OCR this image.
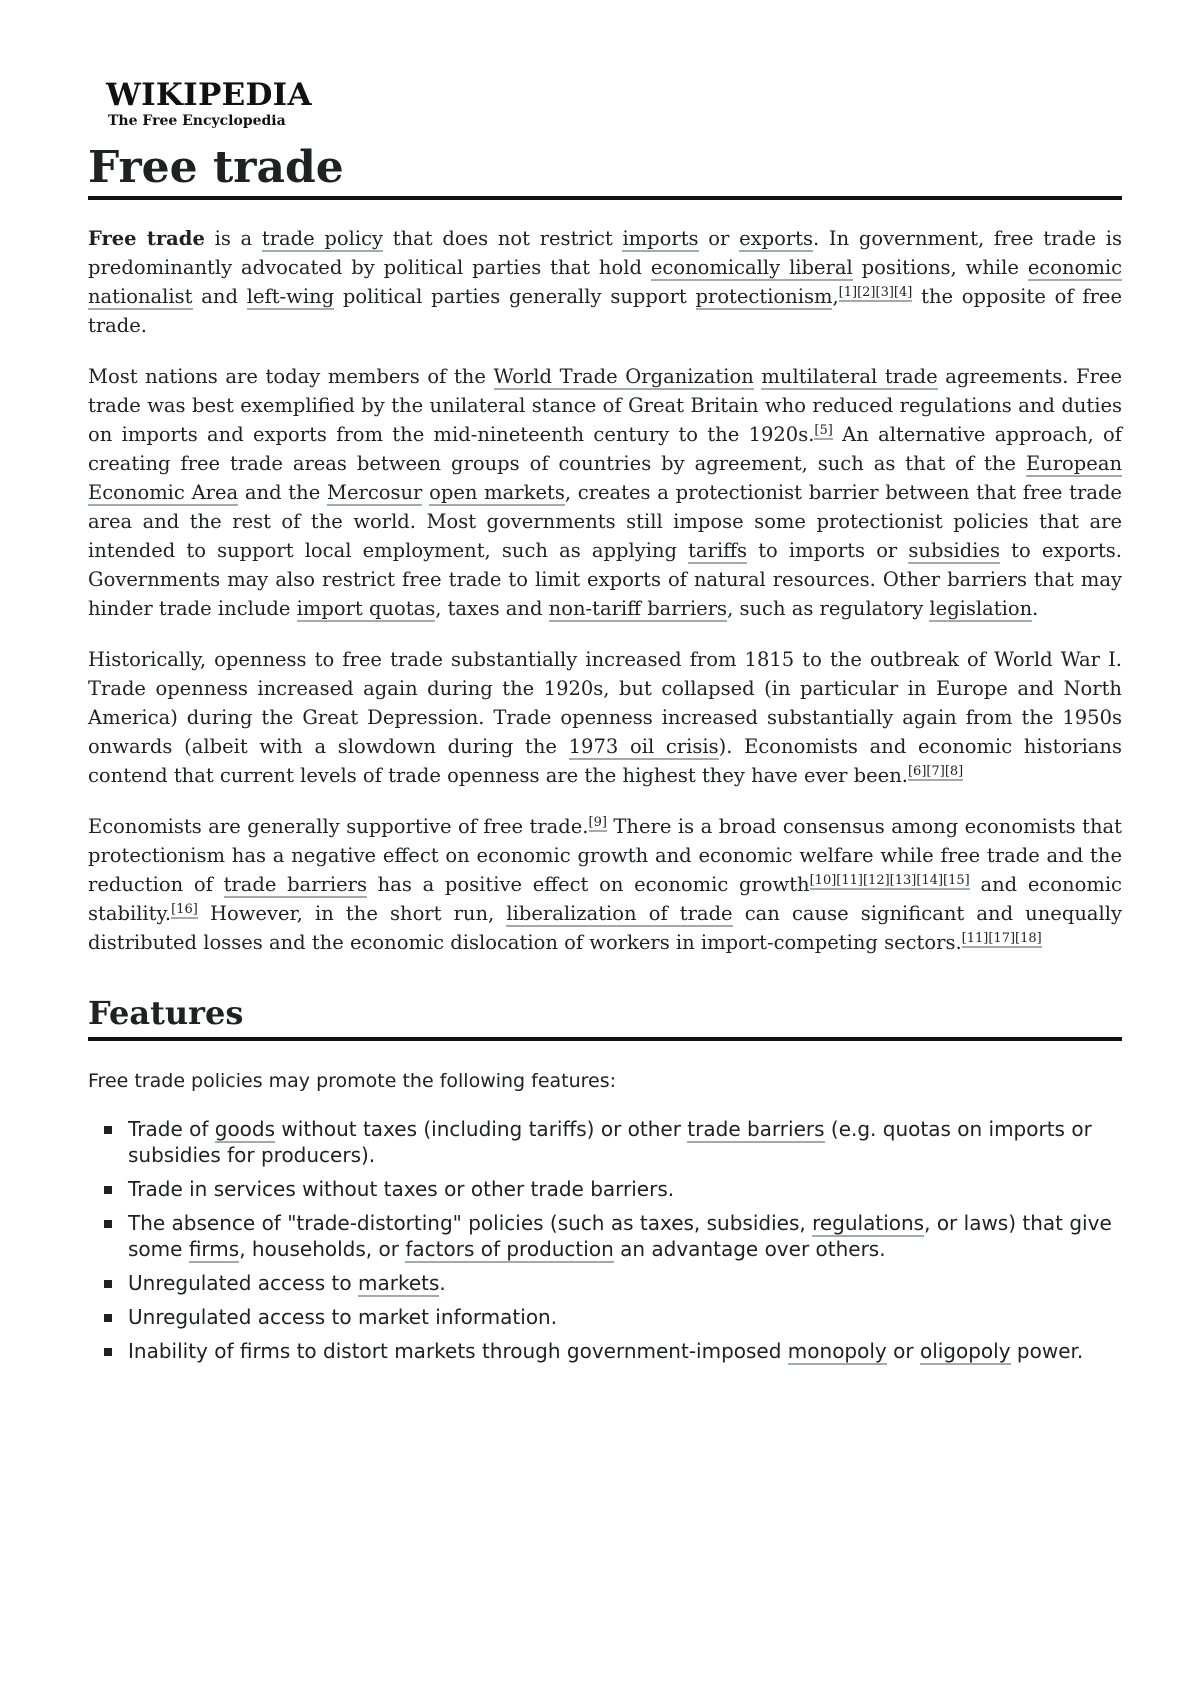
WIKIPEDIA
The Free Encyclopedia
Free trade

Free trade is a trade policy that does not restrict imports or exports. In government, free trade is predominantly advocated by political parties that hold economically liberal positions, while economic nationalist and left-wing political parties generally support protectionism,[1][2][3][4] the opposite of free trade.

Most nations are today members of the World Trade Organization multilateral trade agreements. Free trade was best exemplified by the unilateral stance of Great Britain who reduced regulations and duties on imports and exports from the mid-nineteenth century to the 1920s.[5] An alternative approach, of creating free trade areas between groups of countries by agreement, such as that of the European Economic Area and the Mercosur open markets, creates a protectionist barrier between that free trade area and the rest of the world. Most governments still impose some protectionist policies that are intended to support local employment, such as applying tariffs to imports or subsidies to exports. Governments may also restrict free trade to limit exports of natural resources. Other barriers that may hinder trade include import quotas, taxes and non-tariff barriers, such as regulatory legislation.

Historically, openness to free trade substantially increased from 1815 to the outbreak of World War I. Trade openness increased again during the 1920s, but collapsed (in particular in Europe and North America) during the Great Depression. Trade openness increased substantially again from the 1950s onwards (albeit with a slowdown during the 1973 oil crisis). Economists and economic historians contend that current levels of trade openness are the highest they have ever been.[6][7][8]

Economists are generally supportive of free trade.[9] There is a broad consensus among economists that protectionism has a negative effect on economic growth and economic welfare while free trade and the reduction of trade barriers has a positive effect on economic growth[10][11][12][13][14][15] and economic stability.[16] However, in the short run, liberalization of trade can cause significant and unequally distributed losses and the economic dislocation of workers in import-competing sectors.[11][17][18]

Features

Free trade policies may promote the following features:

Trade of goods without taxes (including tariffs) or other trade barriers (e.g. quotas on imports or subsidies for producers).
Trade in services without taxes or other trade barriers.
The absence of "trade-distorting" policies (such as taxes, subsidies, regulations, or laws) that give some firms, households, or factors of production an advantage over others.
Unregulated access to markets.
Unregulated access to market information.
Inability of firms to distort markets through government-imposed monopoly or oligopoly power.
